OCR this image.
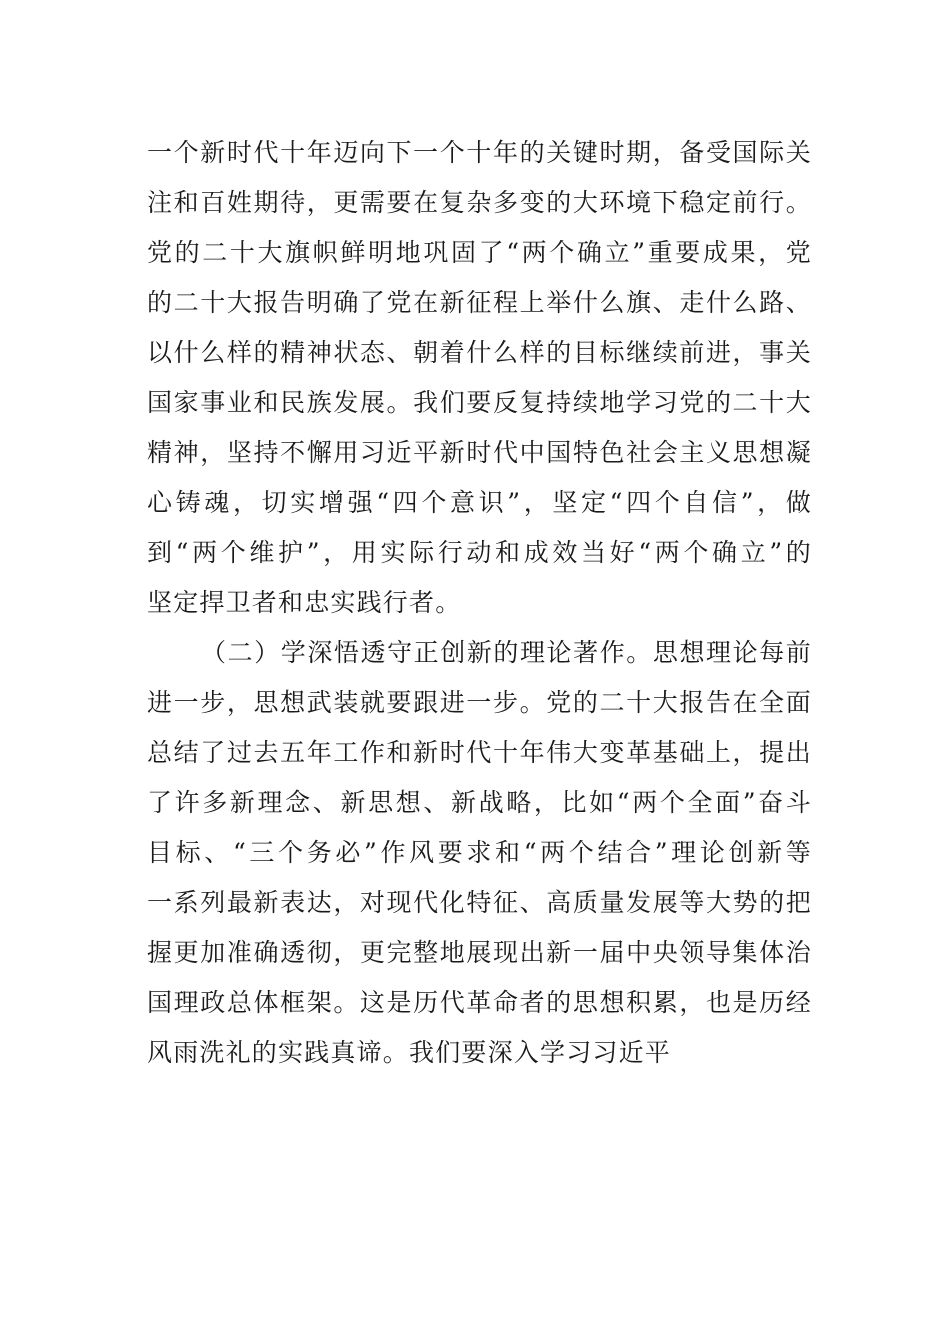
一个新时代十年迈向下一个十年的关键时期，备受国际关
注和百姓期待，更需要在复杂多变的大环境下稳定前行。
党的二十大旗帜鲜明地巩固了“两个确立”重要成果，党
的二十大报告明确了党在新征程上举什么旗、走什么路、
以什么样的精神状态、朝着什么样的目标继续前进，事关
国家事业和民族发展。我们要反复持续地学习党的二十大
精神，坚持不懈用习近平新时代中国特色社会主义思想凝
心铸魂，切实增强“四个意识”，坚定“四个自信”，做
到“两个维护”，用实际行动和成效当好“两个确立”的
坚定捍卫者和忠实践行者。
（二）学深悟透守正创新的理论著作。思想理论每前
进一步，思想武装就要跟进一步。党的二十大报告在全面
总结了过去五年工作和新时代十年伟大变革基础上，提出
了许多新理念、新思想、新战略，比如“两个全面”奋斗
目标、“三个务必”作风要求和“两个结合”理论创新等
一系列最新表达，对现代化特征、高质量发展等大势的把
握更加准确透彻，更完整地展现出新一届中央领导集体治
国理政总体框架。这是历代革命者的思想积累，也是历经
风雨洗礼的实践真谛。我们要深入学习习近平
